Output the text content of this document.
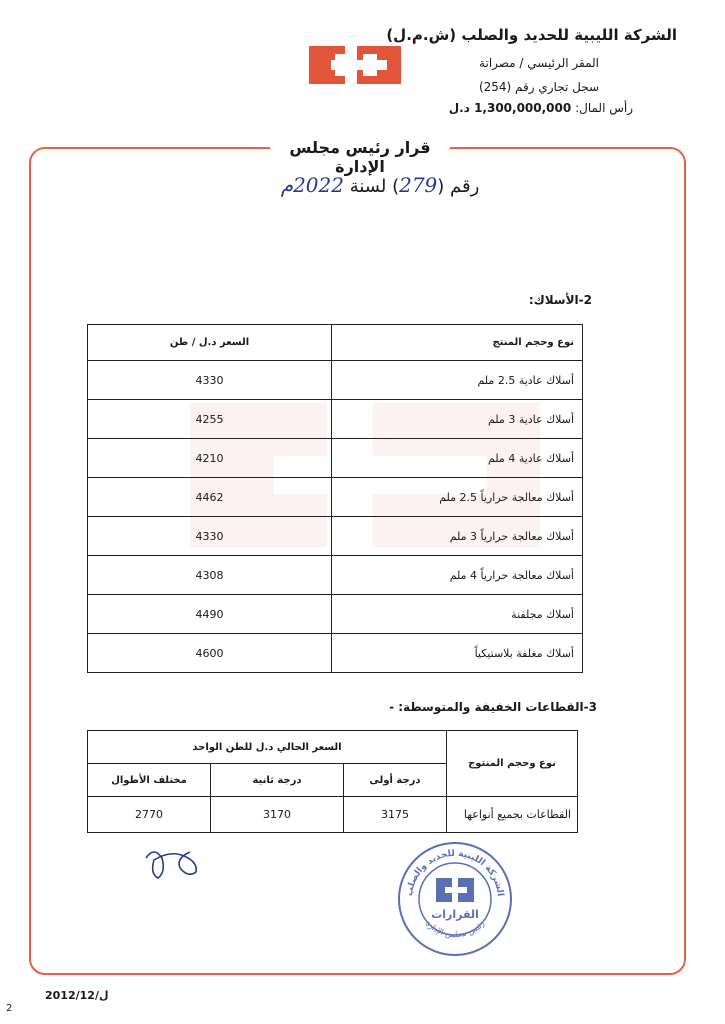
الشركة الليبية للحديد والصلب (ش.م.ل)
المقر الرئيسي / مصراتة
سجل تجاري رقم (254)
رأس المال: 1,300,000,000 د.ل
قرار رئيس مجلس الإدارة
رقم (279) لسنة 2022م
2-الأسلاك:
نوع وحجم المنتج	السعر د.ل / طن
أسلاك عادية 2.5 ملم	4330
أسلاك عادية 3 ملم	4255
أسلاك عادية 4 ملم	4210
أسلاك معالجة حرارياً 2.5 ملم	4462
أسلاك معالجة حرارياً 3 ملم	4330
أسلاك معالجة حرارياً 4 ملم	4308
أسلاك مجلفنة	4490
أسلاك مغلفة بلاستيكياً	4600
3-القطاعات الخفيفة والمتوسطة: -
نوع وحجم المنتوج	السعر الحالي د.ل للطن الواحد		
	درجة أولى	درجة ثانية	مختلف الأطوال
القطاعات بجميع أنواعها	3175	3170	2770
الشركة الليبية للحديد والصلب
رئيس مجلس الإدارة
القرارات
2012/12/ل
2
